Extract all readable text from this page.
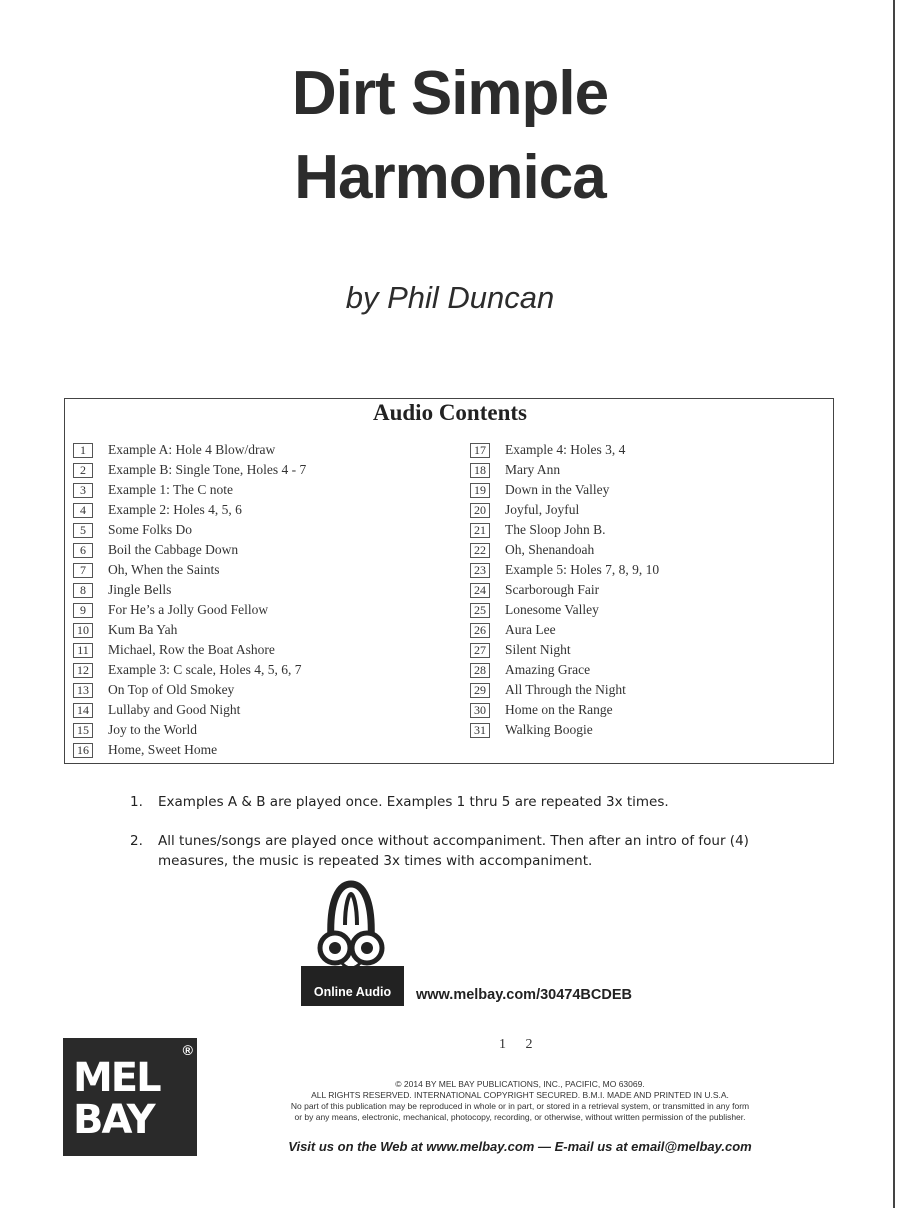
Dirt Simple
Harmonica
by Phil Duncan
Audio Contents
1	Example A: Hole 4 Blow/draw
2	Example B: Single Tone, Holes 4 - 7
3	Example 1: The C note
4	Example 2: Holes 4, 5, 6
5	Some Folks Do
6	Boil the Cabbage Down
7	Oh, When the Saints
8	Jingle Bells
9	For He’s a Jolly Good Fellow
10 Kum Ba Yah
11	Michael, Row the Boat Ashore
12 Example 3: C scale, Holes 4, 5, 6, 7
13 On Top of Old Smokey
14 Lullaby and Good Night
15 Joy to the World
16 Home, Sweet Home
17 Example 4: Holes 3, 4
18 Mary Ann
19 Down in the Valley
20 Joyful, Joyful
21 The Sloop John B.
22 Oh, Shenandoah
23 Example 5: Holes 7, 8, 9, 10
24 Scarborough Fair
25 Lonesome Valley
26 Aura Lee
27 Silent Night
28 Amazing Grace
29 All Through the Night
30 Home on the Range
31 Walking Boogie
1.	Examples A & B are played once. Examples 1 thru 5 are repeated 3x times.
2.	All tunes/songs are played once without accompaniment. Then after an intro of four (4) measures, the music is repeated 3x times with accompaniment.
Online Audio	www.melbay.com/30474BCDEB
1 2
MEL
BAY
®
© 2014 BY MEL BAY PUBLICATIONS, INC., PACIFIC, MO 63069.
ALL RIGHTS RESERVED. INTERNATIONAL COPYRIGHT SECURED. B.M.I. MADE AND PRINTED IN U.S.A.
No part of this publication may be reproduced in whole or in part, or stored in a retrieval system, or transmitted in any form
or by any means, electronic, mechanical, photocopy, recording, or otherwise, without written permission of the publisher.
Visit us on the Web at www.melbay.com — E-mail us at email@melbay.com
